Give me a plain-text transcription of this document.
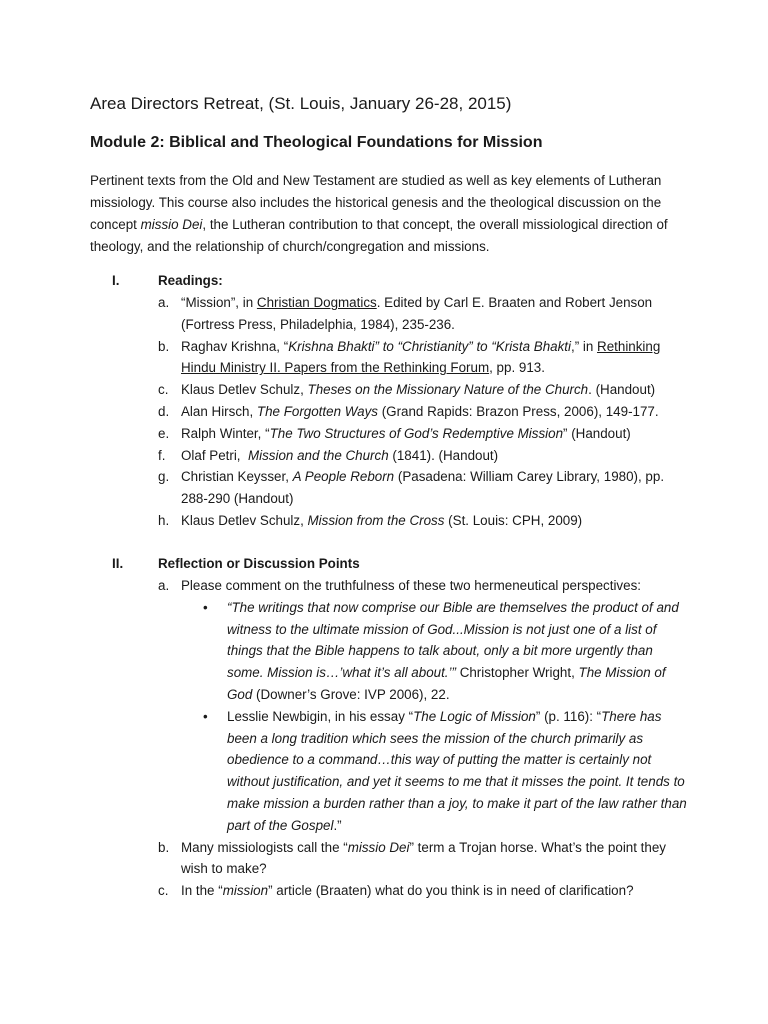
Area Directors Retreat, (St. Louis, January 26-28, 2015)
Module 2: Biblical and Theological Foundations for Mission
Pertinent texts from the Old and New Testament are studied as well as key elements of Lutheran missiology. This course also includes the historical genesis and the theological discussion on the concept missio Dei, the Lutheran contribution to that concept, the overall missiological direction of theology, and the relationship of church/congregation and missions.
I.	Readings:
a. “Mission”, in Christian Dogmatics. Edited by Carl E. Braaten and Robert Jenson (Fortress Press, Philadelphia, 1984), 235-236.
b. Raghav Krishna, “Krishna Bhakti” to “Christianity” to “Krista Bhakti,” in Rethinking Hindu Ministry II. Papers from the Rethinking Forum, pp. 913.
c. Klaus Detlev Schulz, Theses on the Missionary Nature of the Church. (Handout)
d. Alan Hirsch, The Forgotten Ways (Grand Rapids: Brazon Press, 2006), 149-177.
e. Ralph Winter, “The Two Structures of God’s Redemptive Mission” (Handout)
f. Olaf Petri,  Mission and the Church (1841). (Handout)
g. Christian Keysser, A People Reborn (Pasadena: William Carey Library, 1980), pp. 288-290 (Handout)
h. Klaus Detlev Schulz, Mission from the Cross (St. Louis: CPH, 2009)
II.	Reflection or Discussion Points
a. Please comment on the truthfulness of these two hermeneutical perspectives:
• “The writings that now comprise our Bible are themselves the product of and witness to the ultimate mission of God...Mission is not just one of a list of things that the Bible happens to talk about, only a bit more urgently than some. Mission is…’what it’s all about.’” Christopher Wright, The Mission of God (Downer’s Grove: IVP 2006), 22.
• Lesslie Newbigin, in his essay “The Logic of Mission” (p. 116): “There has been a long tradition which sees the mission of the church primarily as obedience to a command…this way of putting the matter is certainly not without justification, and yet it seems to me that it misses the point. It tends to make mission a burden rather than a joy, to make it part of the law rather than part of the Gospel.”
b. Many missiologists call the “missio Dei” term a Trojan horse. What’s the point they wish to make?
c. In the “mission” article (Braaten) what do you think is in need of clarification?
